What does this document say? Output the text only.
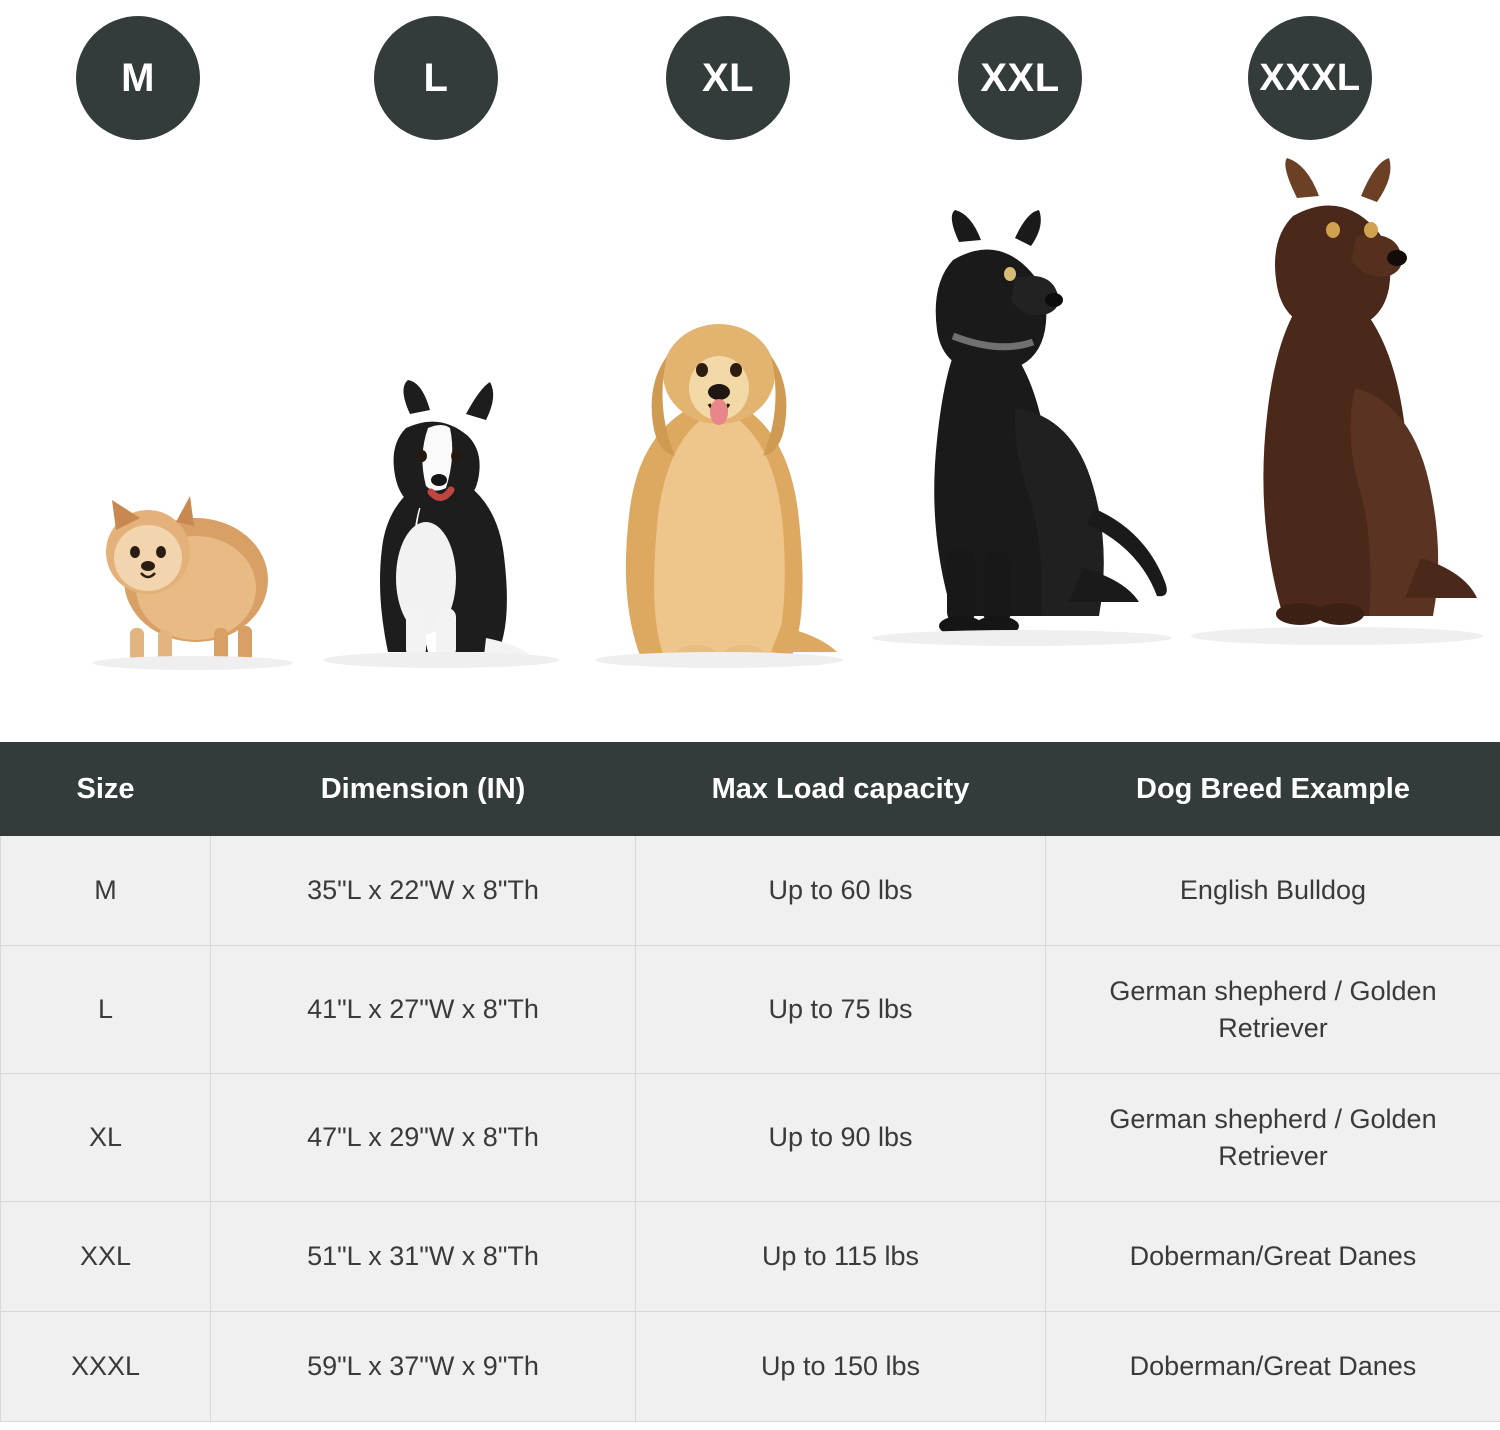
M	L	XL	XXL	XXXL
Size	Dimension (IN)	Max Load capacity	Dog Breed Example
M	35"L x 22"W x 8"Th	Up to 60 lbs	English Bulldog
L	41"L x 27"W x 8"Th	Up to 75 lbs	German shepherd / Golden Retriever
XL	47"L x 29"W x 8"Th	Up to 90 lbs	German shepherd / Golden Retriever
XXL	51"L x 31"W x 8"Th	Up to 115 lbs	Doberman/Great Danes
XXXL	59"L x 37"W x 9"Th	Up to 150 lbs	Doberman/Great Danes
